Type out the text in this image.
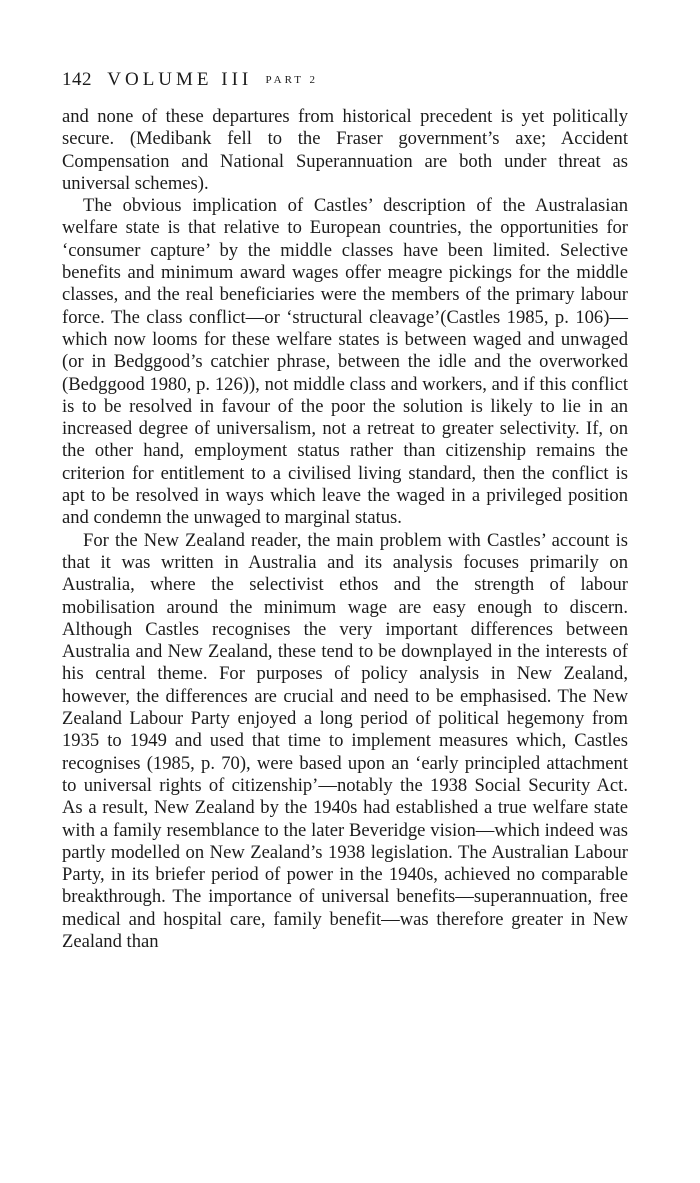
142 VOLUME III PART 2

and none of these departures from historical precedent is yet politically secure. (Medibank fell to the Fraser government’s axe; Accident Compensation and National Superannuation are both under threat as universal schemes).

The obvious implication of Castles’ description of the Australasian welfare state is that relative to European countries, the opportunities for ‘consumer capture’ by the middle classes have been limited. Selective benefits and minimum award wages offer meagre pickings for the middle classes, and the real beneficiaries were the members of the primary labour force. The class conflict—or ‘structural cleavage’(Castles 1985, p. 106)—which now looms for these welfare states is between waged and unwaged (or in Bedggood’s catchier phrase, between the idle and the overworked (Bedggood 1980, p. 126)), not middle class and workers, and if this conflict is to be resolved in favour of the poor the solution is likely to lie in an increased degree of universalism, not a retreat to greater selectivity. If, on the other hand, employment status rather than citizenship remains the criterion for entitlement to a civilised living standard, then the conflict is apt to be resolved in ways which leave the waged in a privileged position and condemn the unwaged to marginal status.

For the New Zealand reader, the main problem with Castles’ account is that it was written in Australia and its analysis focuses primarily on Australia, where the selectivist ethos and the strength of labour mobilisation around the minimum wage are easy enough to discern. Although Castles recognises the very important differences between Australia and New Zealand, these tend to be downplayed in the interests of his central theme. For purposes of policy analysis in New Zealand, however, the differences are crucial and need to be emphasised. The New Zealand Labour Party enjoyed a long period of political hegemony from 1935 to 1949 and used that time to implement measures which, Castles recognises (1985, p. 70), were based upon an ‘early principled attachment to universal rights of citizenship’—notably the 1938 Social Security Act. As a result, New Zealand by the 1940s had established a true welfare state with a family resemblance to the later Beveridge vision—which indeed was partly modelled on New Zealand’s 1938 legislation. The Australian Labour Party, in its briefer period of power in the 1940s, achieved no comparable breakthrough. The importance of universal benefits—superannuation, free medical and hospital care, family benefit—was therefore greater in New Zealand than
